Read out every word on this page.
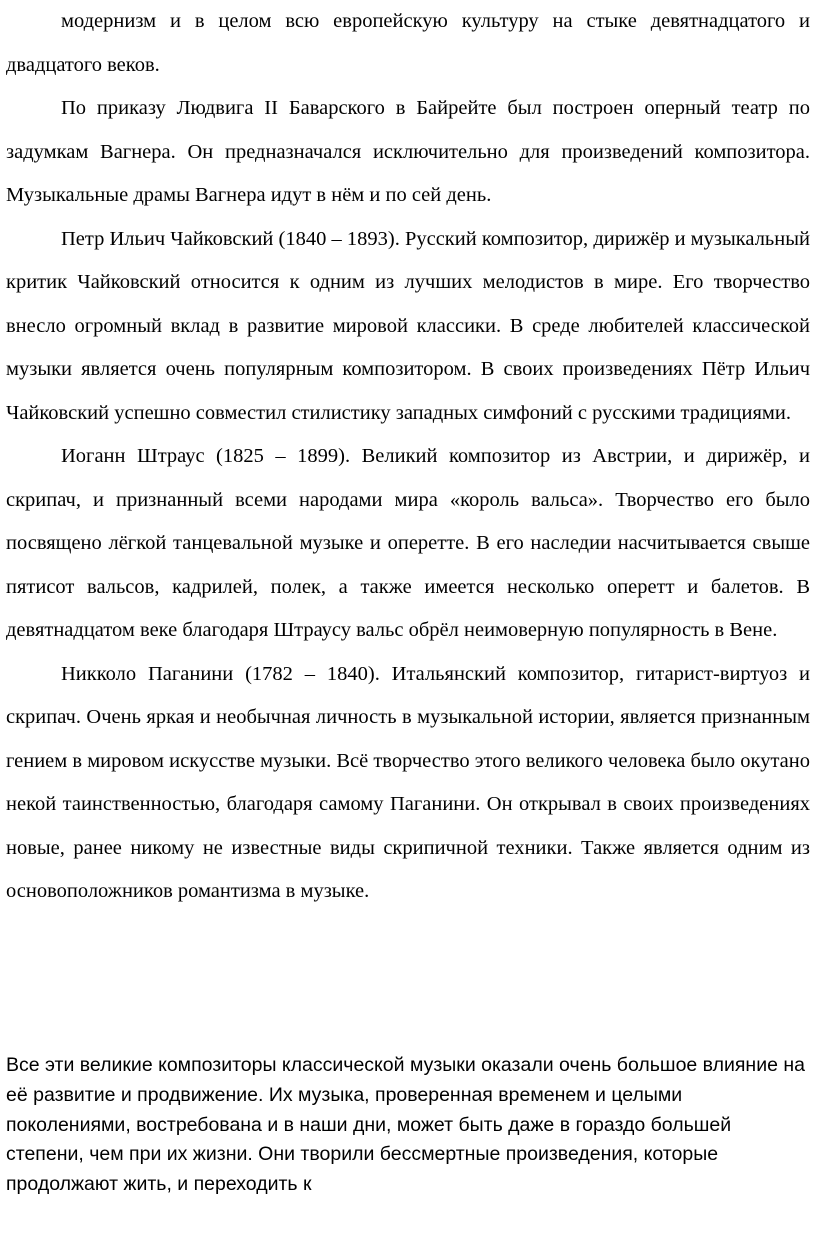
модернизм и в целом всю европейскую культуру на стыке девятнадцатого и двадцатого веков.

По приказу Людвига II Баварского в Байрейте был построен оперный театр по задумкам Вагнера. Он предназначался исключительно для произведений композитора. Музыкальные драмы Вагнера идут в нём и по сей день.

Петр Ильич Чайковский (1840 – 1893). Русский композитор, дирижёр и музыкальный критик Чайковский относится к одним из лучших мелодистов в мире. Его творчество внесло огромный вклад в развитие мировой классики. В среде любителей классической музыки является очень популярным композитором. В своих произведениях Пётр Ильич Чайковский успешно совместил стилистику западных симфоний с русскими традициями.

Иоганн Штраус (1825 – 1899). Великий композитор из Австрии, и дирижёр, и скрипач, и признанный всеми народами мира «король вальса». Творчество его было посвящено лёгкой танцевальной музыке и оперетте. В его наследии насчитывается свыше пятисот вальсов, кадрилей, полек, а также имеется несколько оперетт и балетов. В девятнадцатом веке благодаря Штраусу вальс обрёл неимоверную популярность в Вене.

Никколо Паганини (1782 – 1840). Итальянский композитор, гитарист-виртуоз и скрипач. Очень яркая и необычная личность в музыкальной истории, является признанным гением в мировом искусстве музыки. Всё творчество этого великого человека было окутано некой таинственностью, благодаря самому Паганини. Он открывал в своих произведениях новые, ранее никому не известные виды скрипичной техники. Также является одним из основоположников романтизма в музыке.

Все эти великие композиторы классической музыки оказали очень большое влияние на её развитие и продвижение. Их музыка, проверенная временем и целыми поколениями, востребована и в наши дни, может быть даже в гораздо большей степени, чем при их жизни. Они творили бессмертные произведения, которые продолжают жить, и переходить к
